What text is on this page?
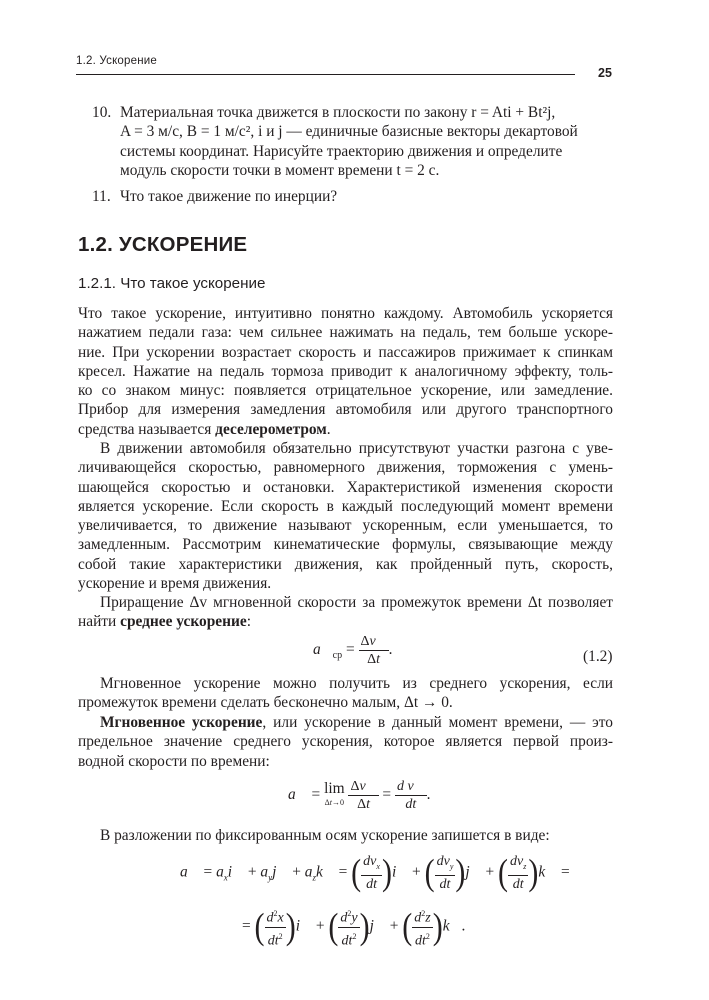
1.2. Ускорение
25
10. Материальная точка движется в плоскости по закону r = Ati + Bt²j,
A = 3 м/с, B = 1 м/с², i и j — единичные базисные векторы декартовой
системы координат. Нарисуйте траекторию движения и определите
модуль скорости точки в момент времени t = 2 с.
11. Что такое движение по инерции?
1.2. УСКОРЕНИЕ
1.2.1. Что такое ускорение
Что такое ускорение, интуитивно понятно каждому. Автомобиль ускоряется
нажатием педали газа: чем сильнее нажимать на педаль, тем больше ускоре-
ние. При ускорении возрастает скорость и пассажиров прижимает к спинкам
кресел. Нажатие на педаль тормоза приводит к аналогичному эффекту, толь-
ко со знаком минус: появляется отрицательное ускорение, или замедление.
Прибор для измерения замедления автомобиля или другого транспортного
средства называется деселерометром.
В движении автомобиля обязательно присутствуют участки разгона с уве-
личивающейся скоростью, равномерного движения, торможения с умень-
шающейся скоростью и остановки. Характеристикой изменения скорости
является ускорение. Если скорость в каждый последующий момент времени
увеличивается, то движение называют ускоренным, если уменьшается, то
замедленным. Рассмотрим кинематические формулы, связывающие между
собой такие характеристики движения, как пройденный путь, скорость,
ускорение и время движения.
Приращение Δv мгновенной скорости за промежуток времени Δt позволяет
найти среднее ускорение:
$a⃗_{ср} = \frac{\Delta v⃗}{\Delta t}$ .	(1.2)
Мгновенное ускорение можно получить из среднего ускорения, если
промежуток времени сделать бесконечно малым, Δt → 0.
Мгновенное ускорение, или ускорение в данный момент времени, — это
предельное значение среднего ускорения, которое является первой произ-
водной скорости по времени:
a⃗ = lim
$\Delta t\to 0 \frac{\Delta v⃗}{\Delta t} = \frac{\text{d v⃗}}{dt}$ .
В разложении по фиксированным осям ускорение запишется в виде:
a⃗ = $a_xi⃗$ + $a_yj⃗$ + $a_zk⃗$ = ( $\frac{dv_x}{dt}$ )i⃗ + ( $\frac{dv_y}{dt}$ )j⃗ + ( $\frac{dv_z}{dt}$ )k⃗ =
= ( $\frac{d^2x}{dt^2}$ )i⃗ + ( $\frac{d^2y}{dt^2}$ )j⃗ + ( $\frac{d^2z}{dt^2}$ )k⃗.
